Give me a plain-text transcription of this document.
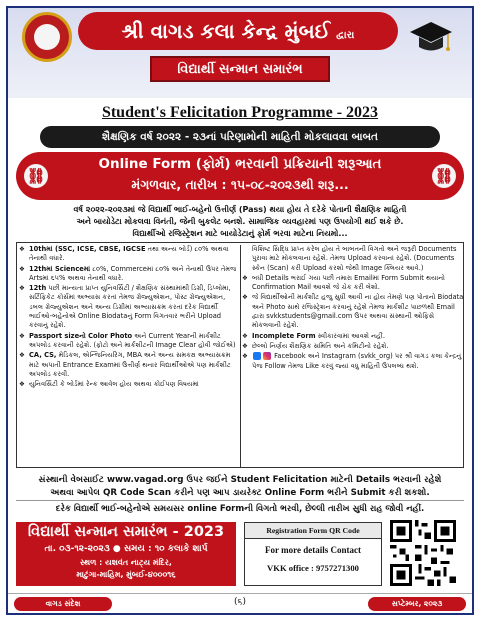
શ્રી વાગડ કલા કેન્દ્ર મુંબઈ દ્વારા
વિદ્યાર્થી સન્માન સમારંભ
Student's Felicitation Programme - 2023
શૈક્ષણિક વર્ષ ૨૦૨૨ - ૨૩નાં પરિણામોની માહિતી મોકલાવવા બાબત
⛓
Online Form (ફોર્મ) ભરવાની પ્રક્રિયાની શરૂઆત
મંગળવાર, તારીખ : ૧૫-૦૮-૨૦૨૩થી શરૂ...	⛓
વર્ષ ૨૦૨૨-૨૦૨૩માં જે વિદ્યાર્થી ભાઈ-બહેનો ઉત્તીર્ણ (Pass) થયા હોય તે દરેકે પોતાની શૈક્ષણિક માહિતી
અને બાયોડેટા મોકલવા વિનંતી, જેની બુકલેટ બનશે. સામાજિક વ્યવહારમાં પણ ઉપયોગી થઈ શકે છે.
વિદ્યાર્થીઓ રજિસ્ટ્રેશન માટે બાયોડેટાનું ફોર્મ ભરવા માટેના નિયમો...
❖ 10thમાં (SSC, ICSE, CBSE, IGCSE તથા અન્ય બોર્ડ) ૮૦% અથવા તેનાથી વધારે.
❖ 12thમાં Scienceમાં ૮૦%, Commerceમાં ૮૦% અને તેનાથી ઉપર તેમજ Artsમાં ૬૫% અથવા તેનાથી વધારે.
❖ 12th પછી માન્યતા પ્રાપ્ત યુનિવર્સિટી / શૈક્ષણિક સંસ્થામાંથી ડિગ્રી, ડિપ્લોમા, સર્ટિફિકેટ કોર્સમાં અભ્યાસ કરતાં તેમજ ગ્રેજ્યુએશન, પોસ્ટ ગ્રેજ્યુએશન, ડબલ ગ્રેજ્યુએશન અને અન્ય ડિગ્રીમાં અભ્યાસક્રમ કરતાં દરેક વિદ્યાર્થી ભાઈઓ-બહેનોએ Online Biodataનું Form વિગતવાર ભરીને Upload કરવાનું રહેશે.
❖ Passport sizeનો Color Photo અને Current Yearની માર્કશીટ અપલોડ કરવાની રહેશે. (ફોટો અને માર્કશીટની Image Clear હોવી જોઈએ)
❖ CA, CS, મેડિકલ, એન્જિનિયરિંગ, MBA અને અન્ય સમકક્ષ અભ્યાસક્રમ માટે અપાતી Entrance Examમાં ઉત્તીર્ણ થનાર વિદ્યાર્થીઓએ પણ માર્કશીટ અપલોડ કરવી.
❖ યુનિવર્સિટી કે બોર્ડમાં રેન્ક આવેલ હોય અથવા કોઈપણ વિષયમાં
વિશિષ્ટ સિદ્ધિ પ્રાપ્ત કરેલ હોય તે બાબતની વિગતો અને જરૂરી Documents પુરાવા માટે મોકલવાના રહેશે. તેમજ Upload કરવાનાં રહેશે. (Documents સ્કેન (Scan) કરી Upload કરશો જેથી Image ક્લિયર આવે.)
❖ બધી Details ભરાઈ ગયા પછી તમારા Emailમાં Form Submit થયાનો Confirmation Mail આવશે જે ચેક કરી લેશો.
❖ જે વિદ્યાર્થીઓની માર્કશીટ હજુ સુધી આવી ના હોય તેમણે પણ પોતાનો Biodata અને Photo સાથે રજિસ્ટ્રેશન કરવાનું રહેશે તેમજ માર્કશીટ પાછળથી Email દ્વારા svkkstudents@gmail.com ઉપર અથવા સંસ્થાની ઓફિસે મોકલવાની રહેશે.
❖ Incomplete Form સ્વીકારવામાં આવશે નહીં.
❖ છેલ્લો નિર્ણય શૈક્ષણિક સમિતિ અને કમિટીનો રહેશે.
❖ Facebook અને Instagram (svkk_org) પર શ્રી વાગડ કલા કેન્દ્રનું પેજ Follow તેમજ Like કરવું જ્યાં વધુ માહિતી ઉપલબ્ધ થશે.
સંસ્થાની વેબસાઈટ www.vagad.org ઉપર જઈને Student Felicitation માટેની Details ભરવાની રહેશે
અથવા આપેલ QR Code Scan કરીને પણ આપ ડાયરેક્ટ Online Form ભરીને Submit કરી શકશો.
દરેક વિદ્યાર્થી ભાઈ-બહેનોએ સમયસર online Formની વિગતો ભરવી, છેલ્લી તારીખ સુધી રાહ જોવી નહીં.
વિદ્યાર્થી સન્માન સમારંભ - 2023
તા. ૦૩-૧૨-૨૦૨૩ ● સમય : ૧૦ કલાકે શાર્પ
સ્થળ : યશવંત નાટ્ય મંદિર,
માટુંગા-માહિમ, મુંબઈ-૪૦૦૦૧૬
Registration Form QR Code
For more details Contact
VKK office : 9757271300
વાગડ સંદેશ	(૬)	સપ્ટેમ્બર, ૨૦૨૩
